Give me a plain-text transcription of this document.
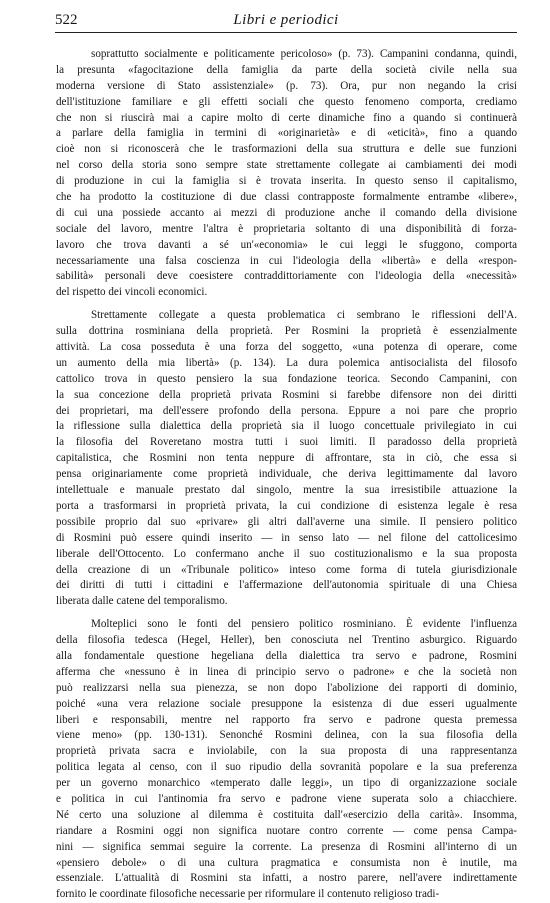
522	Libri e periodici
soprattutto socialmente e politicamente pericoloso» (p. 73). Campanini condanna, quindi,
la presunta «fagocitazione della famiglia da parte della società civile nella sua
moderna versione di Stato assistenziale» (p. 73). Ora, pur non negando la crisi
dell'istituzione familiare e gli effetti sociali che questo fenomeno comporta, crediamo
che non si riuscirà mai a capire molto di certe dinamiche fino a quando si continuerà
a parlare della famiglia in termini di «originarietà» e di «eticità», fino a quando
cioè non si riconoscerà che le trasformazioni della sua struttura e delle sue funzioni
nel corso della storia sono sempre state strettamente collegate ai cambiamenti dei modi
di produzione in cui la famiglia si è trovata inserita. In questo senso il capitalismo,
che ha prodotto la costituzione di due classi contrapposte formalmente entrambe «libere»,
di cui una possiede accanto ai mezzi di produzione anche il comando della divisione
sociale del lavoro, mentre l'altra è proprietaria soltanto di una disponibilità di forza-
lavoro che trova davanti a sé un'«economia» le cui leggi le sfuggono, comporta
necessariamente una falsa coscienza in cui l'ideologia della «libertà» e della «respon-
sabilità» personali deve coesistere contraddittoriamente con l'ideologia della «necessità»
del rispetto dei vincoli economici.
Strettamente collegate a questa problematica ci sembrano le riflessioni dell'A.
sulla dottrina rosminiana della proprietà. Per Rosmini la proprietà è essenzialmente
attività. La cosa posseduta è una forza del soggetto, «una potenza di operare, come
un aumento della mia libertà» (p. 134). La dura polemica antisocialista del filosofo
cattolico trova in questo pensiero la sua fondazione teorica. Secondo Campanini, con
la sua concezione della proprietà privata Rosmini si farebbe difensore non dei diritti
dei proprietari, ma dell'essere profondo della persona. Eppure a noi pare che proprio
la riflessione sulla dialettica della proprietà sia il luogo concettuale privilegiato in cui
la filosofia del Roveretano mostra tutti i suoi limiti. Il paradosso della proprietà
capitalistica, che Rosmini non tenta neppure di affrontare, sta in ciò, che essa si
pensa originariamente come proprietà individuale, che deriva legittimamente dal lavoro
intellettuale e manuale prestato dal singolo, mentre la sua irresistibile attuazione la
porta a trasformarsi in proprietà privata, la cui condizione di esistenza legale è resa
possibile proprio dal suo «privare» gli altri dall'averne una simile. Il pensiero politico
di Rosmini può essere quindi inserito — in senso lato — nel filone del cattolicesimo
liberale dell'Ottocento. Lo confermano anche il suo costituzionalismo e la sua proposta
della creazione di un «Tribunale politico» inteso come forma di tutela giurisdizionale
dei diritti di tutti i cittadini e l'affermazione dell'autonomia spirituale di una Chiesa
liberata dalle catene del temporalismo.
Molteplici sono le fonti del pensiero politico rosminiano. È evidente l'influenza
della filosofia tedesca (Hegel, Heller), ben conosciuta nel Trentino asburgico. Riguardo
alla fondamentale questione hegeliana della dialettica tra servo e padrone, Rosmini
afferma che «nessuno è in linea di principio servo o padrone» e che la società non
può realizzarsi nella sua pienezza, se non dopo l'abolizione dei rapporti di dominio,
poiché «una vera relazione sociale presuppone la esistenza di due esseri ugualmente
liberi e responsabili, mentre nel rapporto fra servo e padrone questa premessa
viene meno» (pp. 130-131). Senonché Rosmini delinea, con la sua filosofia della
proprietà privata sacra e inviolabile, con la sua proposta di una rappresentanza
politica legata al censo, con il suo ripudio della sovranità popolare e la sua preferenza
per un governo monarchico «temperato dalle leggi», un tipo di organizzazione sociale
e politica in cui l'antinomia fra servo e padrone viene superata solo a chiacchiere.
Né certo una soluzione al dilemma è costituita dall'«esercizio della carità». Insomma,
riandare a Rosmini oggi non significa nuotare contro corrente — come pensa Campa-
nini — significa semmai seguire la corrente. La presenza di Rosmini all'interno di un
«pensiero debole» o di una cultura pragmatica e consumista non è inutile, ma
essenziale. L'attualità di Rosmini sta infatti, a nostro parere, nell'avere indirettamente
fornito le coordinate filosofiche necessarie per riformulare il contenuto religioso tradi-
